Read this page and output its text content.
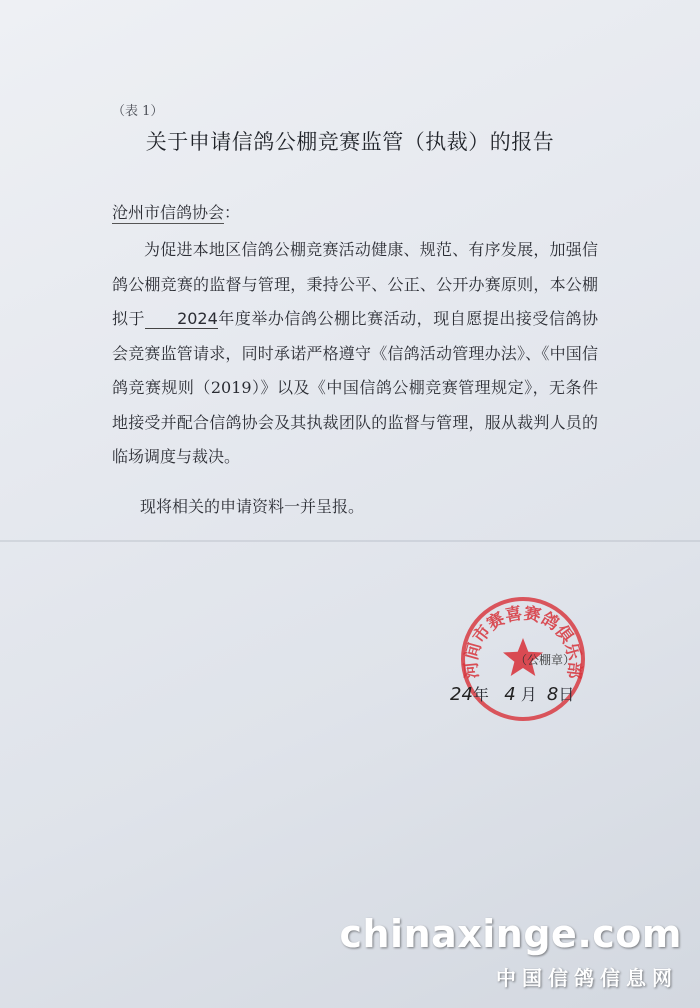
（表 1）
关于申请信鸽公棚竞赛监管（执裁）的报告
沧州市信鸽协会：

为促进本地区信鸽公棚竞赛活动健康、规范、有序发展，加强信鸽公棚竞赛的监督与管理，秉持公平、公正、公开办赛原则，本公棚拟于 2024年度举办信鸽公棚比赛活动，现自愿提出接受信鸽协会竞赛监管请求，同时承诺严格遵守《信鸽活动管理办法》、《中国信鸽竞赛规则（2019）》以及《中国信鸽公棚竞赛管理规定》，无条件地接受并配合信鸽协会及其执裁团队的监督与管理，服从裁判人员的临场调度与裁决。

现将相关的申请资料一并呈报。
河间市赛喜赛鸽俱乐部
（公棚章）
24年 4 月 8日
chinaxinge.com
中国信鸽信息网
